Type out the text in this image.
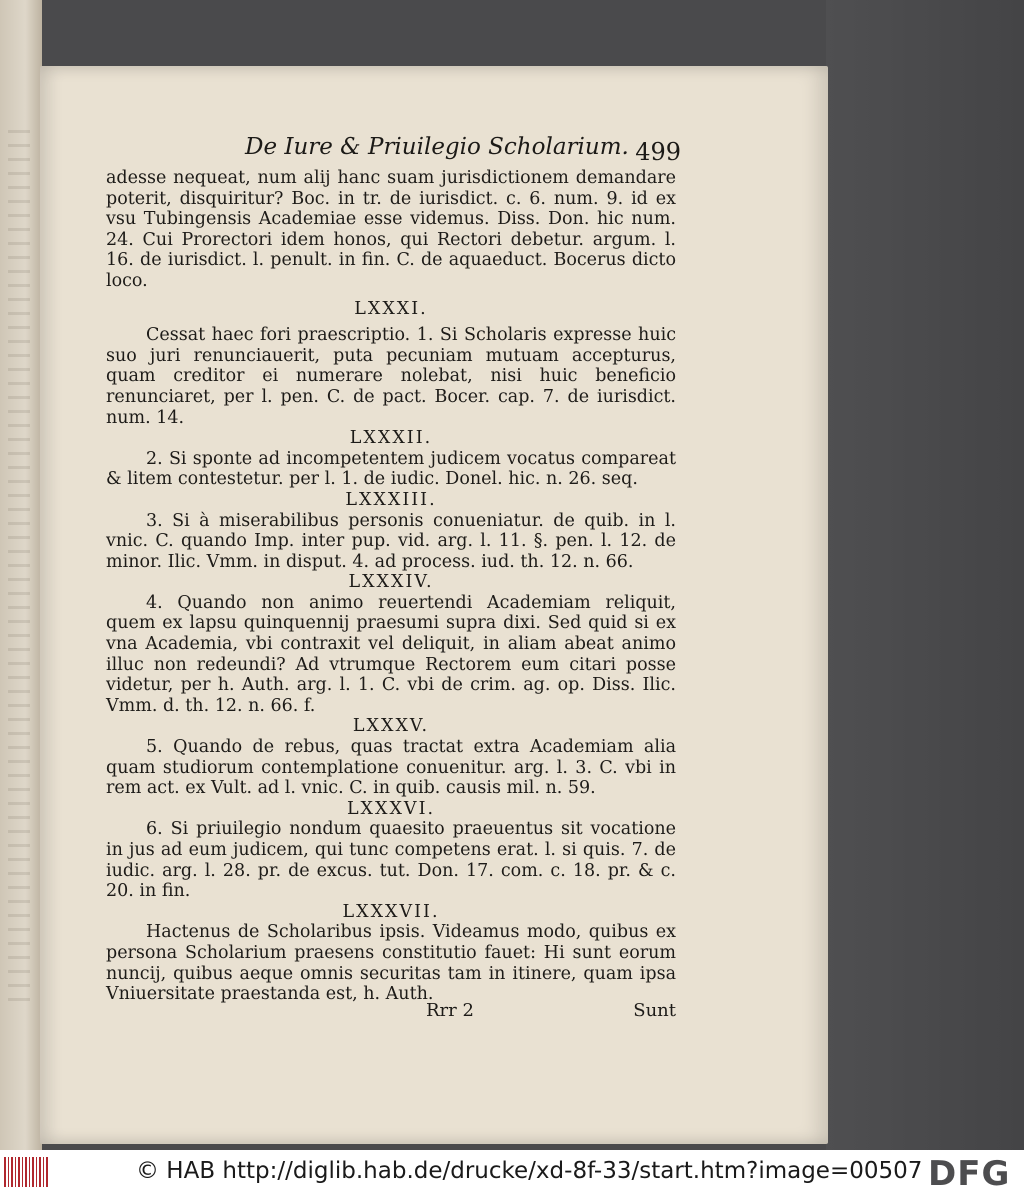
De Iure & Priuilegio Scholarium. 499

adesse nequeat, num alij hanc suam jurisdictionem demandare poterit, disquiritur? Boc. in tr. de iurisdict. c. 6. num. 9. id ex vsu Tubingensis Academiae esse videmus. Diss. Don. hic num. 24. Cui Prorectori idem honos, qui Rectori debetur. argum. l. 16. de iurisdict. l. penult. in fin. C. de aquaeduct. Bocerus dicto loco.

LXXXI.

Cessat haec fori praescriptio. 1. Si Scholaris expresse huic suo juri renunciauerit, puta pecuniam mutuam accepturus, quam creditor ei numerare nolebat, nisi huic beneficio renunciaret, per l. pen. C. de pact. Bocer. cap. 7. de iurisdict. num. 14.

LXXXII.

2. Si sponte ad incompetentem judicem vocatus compareat & litem contestetur. per l. 1. de iudic. Donel. hic. n. 26. seq.

LXXXIII.

3. Si à miserabilibus personis conueniatur. de quib. in l. vnic. C. quando Imp. inter pup. vid. arg. l. 11. §. pen. l. 12. de minor. Ilic. Vmm. in disput. 4. ad process. iud. th. 12. n. 66.

LXXXIV.

4. Quando non animo reuertendi Academiam reliquit, quem ex lapsu quinquennij praesumi supra dixi. Sed quid si ex vna Academia, vbi contraxit vel deliquit, in aliam abeat animo illuc non redeundi? Ad vtrumque Rectorem eum citari posse videtur, per h. Auth. arg. l. 1. C. vbi de crim. ag. op. Diss. Ilic. Vmm. d. th. 12. n. 66. f.

LXXXV.

5. Quando de rebus, quas tractat extra Academiam alia quam studiorum contemplatione conuenitur. arg. l. 3. C. vbi in rem act. ex Vult. ad l. vnic. C. in quib. causis mil. n. 59.

LXXXVI.

6. Si priuilegio nondum quaesito praeuentus sit vocatione in jus ad eum judicem, qui tunc competens erat. l. si quis. 7. de iudic. arg. l. 28. pr. de excus. tut. Don. 17. com. c. 18. pr. & c. 20. in fin.

LXXXVII.

Hactenus de Scholaribus ipsis. Videamus modo, quibus ex persona Scholarium praesens constitutio fauet: Hi sunt eorum nuncij, quibus aeque omnis securitas tam in itinere, quam ipsa Vniuersitate praestanda est, h. Auth.

Rrr 2	Sunt
© HAB http://diglib.hab.de/drucke/xd-8f-33/start.htm?image=00507 DFG
